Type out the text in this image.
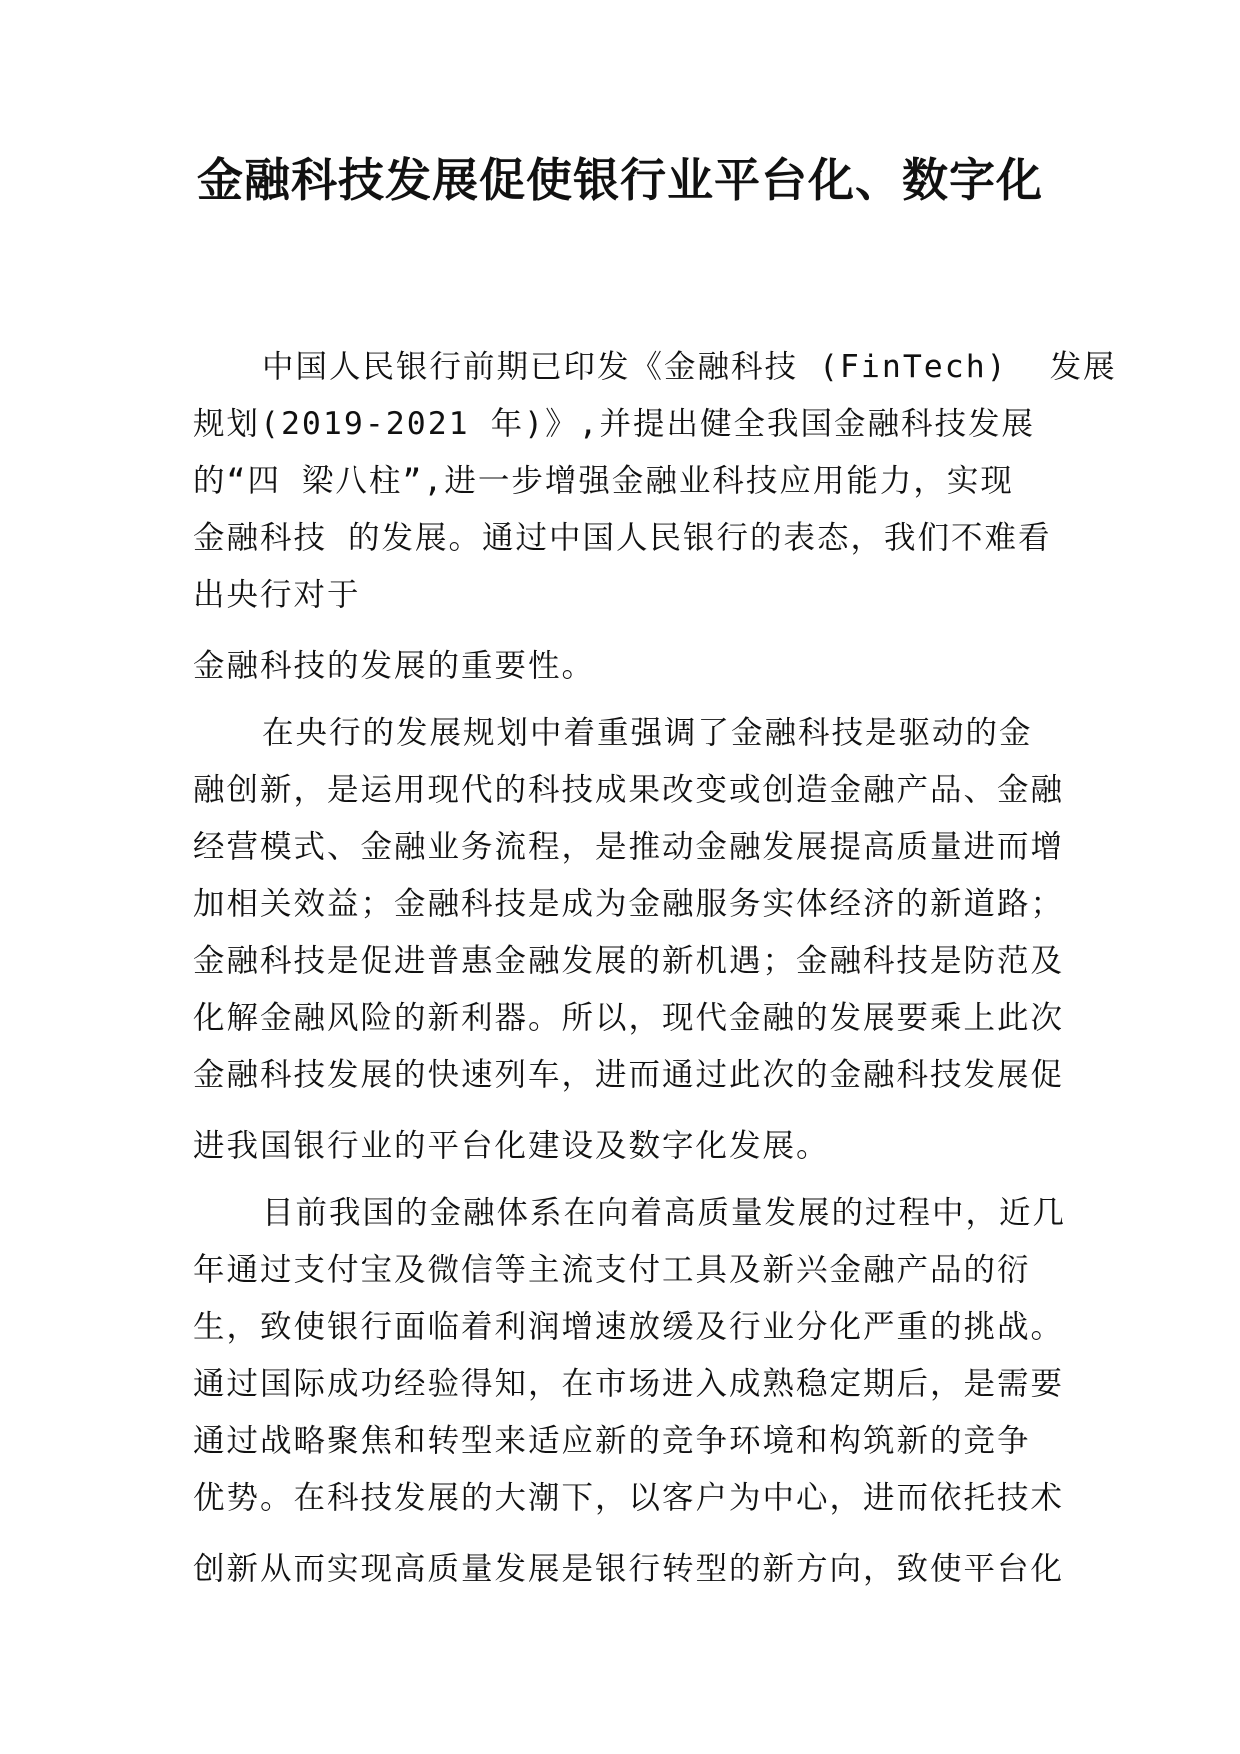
金融科技发展促使银行业平台化、数字化
中国人民银行前期已印发《金融科技 (FinTech)  发展
规划(2019-2021 年)》,并提出健全我国金融科技发展
的“四 梁八柱”,进一步增强金融业科技应用能力，实现
金融科技 的发展。通过中国人民银行的表态，我们不难看
出央行对于
金融科技的发展的重要性。
在央行的发展规划中着重强调了金融科技是驱动的金
融创新，是运用现代的科技成果改变或创造金融产品、金融
经营模式、金融业务流程，是推动金融发展提高质量进而增
加相关效益；金融科技是成为金融服务实体经济的新道路；
金融科技是促进普惠金融发展的新机遇；金融科技是防范及
化解金融风险的新利器。所以，现代金融的发展要乘上此次
金融科技发展的快速列车，进而通过此次的金融科技发展促
进我国银行业的平台化建设及数字化发展。
目前我国的金融体系在向着高质量发展的过程中，近几
年通过支付宝及微信等主流支付工具及新兴金融产品的衍
生，致使银行面临着利润增速放缓及行业分化严重的挑战。
通过国际成功经验得知，在市场进入成熟稳定期后，是需要
通过战略聚焦和转型来适应新的竞争环境和构筑新的竞争
优势。在科技发展的大潮下，以客户为中心，进而依托技术
创新从而实现高质量发展是银行转型的新方向，致使平台化
